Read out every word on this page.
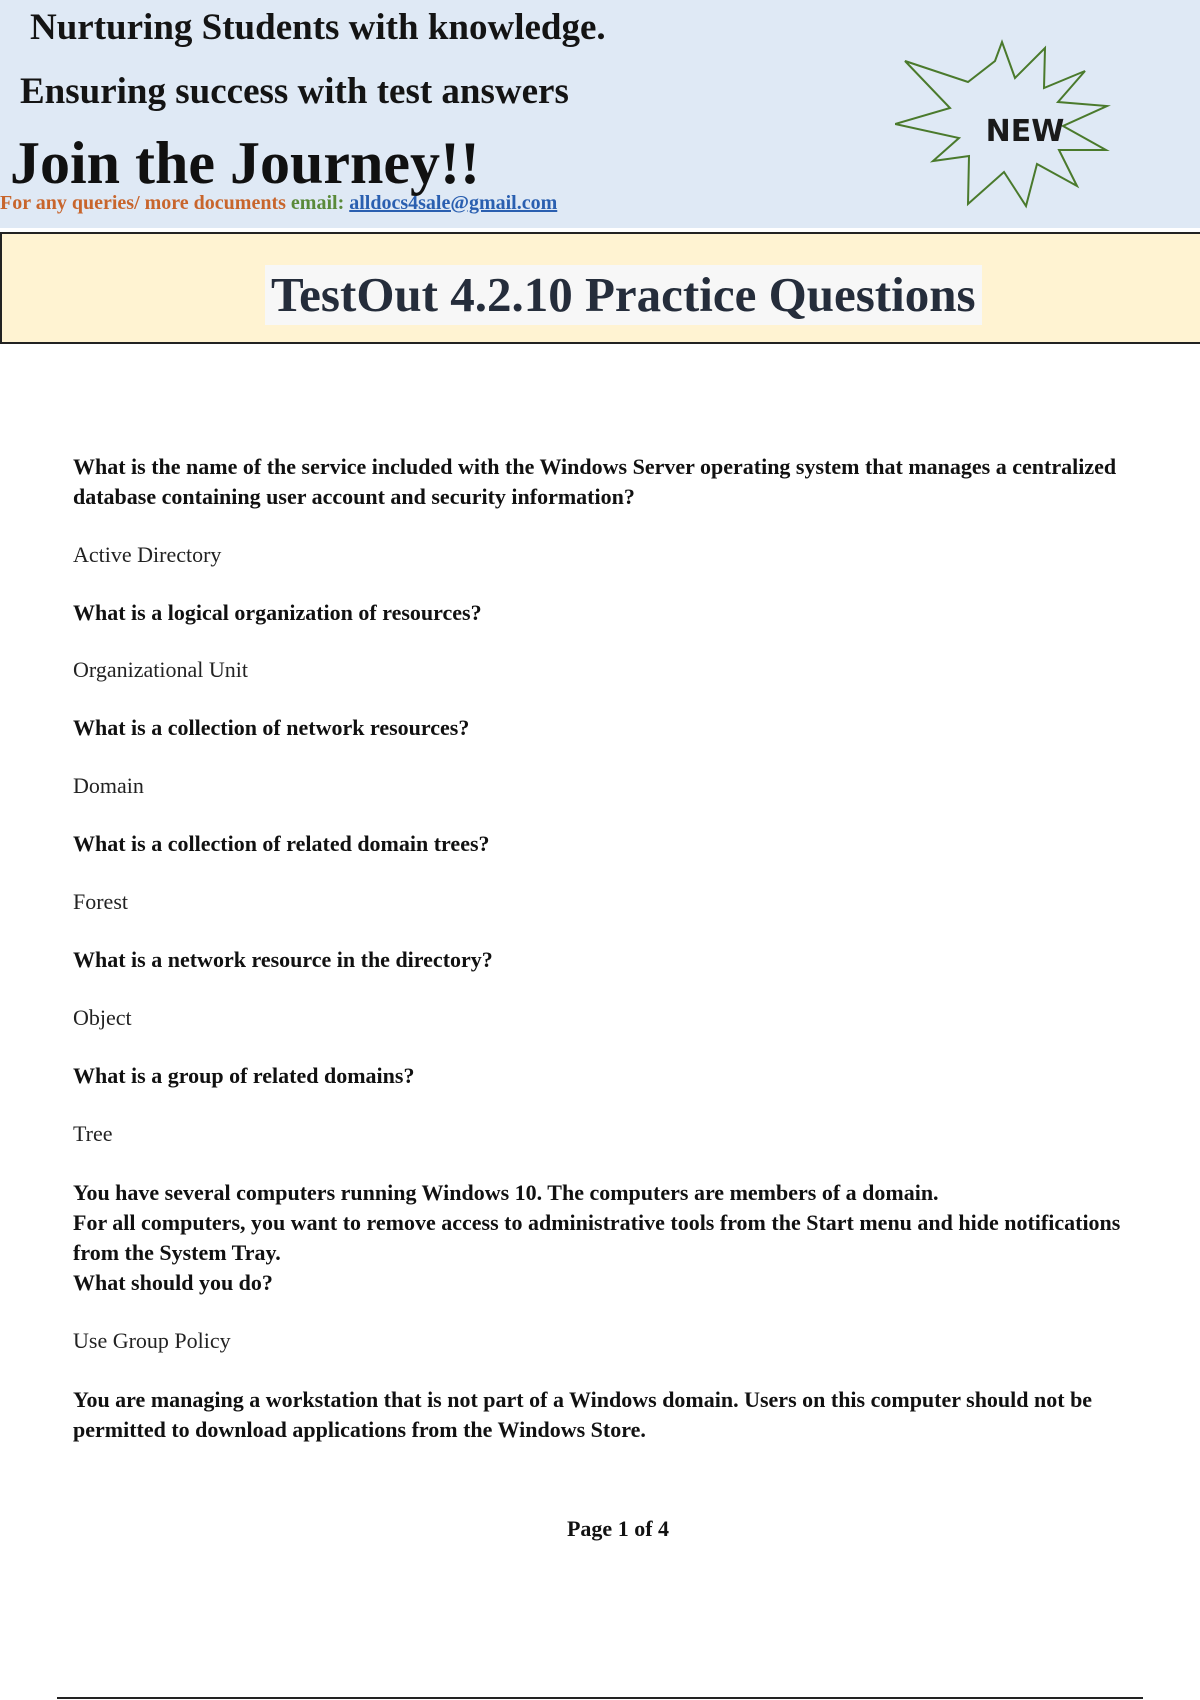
Nurturing Students with knowledge.

Ensuring success with test answers

Join the Journey!!

For any queries/ more documents email: alldocs4sale@gmail.com
NEW
TestOut 4.2.10 Practice Questions

What is the name of the service included with the Windows Server operating system that manages a centralized database containing user account and security information?

Active Directory

What is a logical organization of resources?

Organizational Unit

What is a collection of network resources?

Domain

What is a collection of related domain trees?

Forest

What is a network resource in the directory?

Object

What is a group of related domains?

Tree

You have several computers running Windows 10. The computers are members of a domain.

For all computers, you want to remove access to administrative tools from the Start menu and hide notifications from the System Tray.

What should you do?

Use Group Policy

You are managing a workstation that is not part of a Windows domain. Users on this computer should not be permitted to download applications from the Windows Store.

Page 1 of 4
